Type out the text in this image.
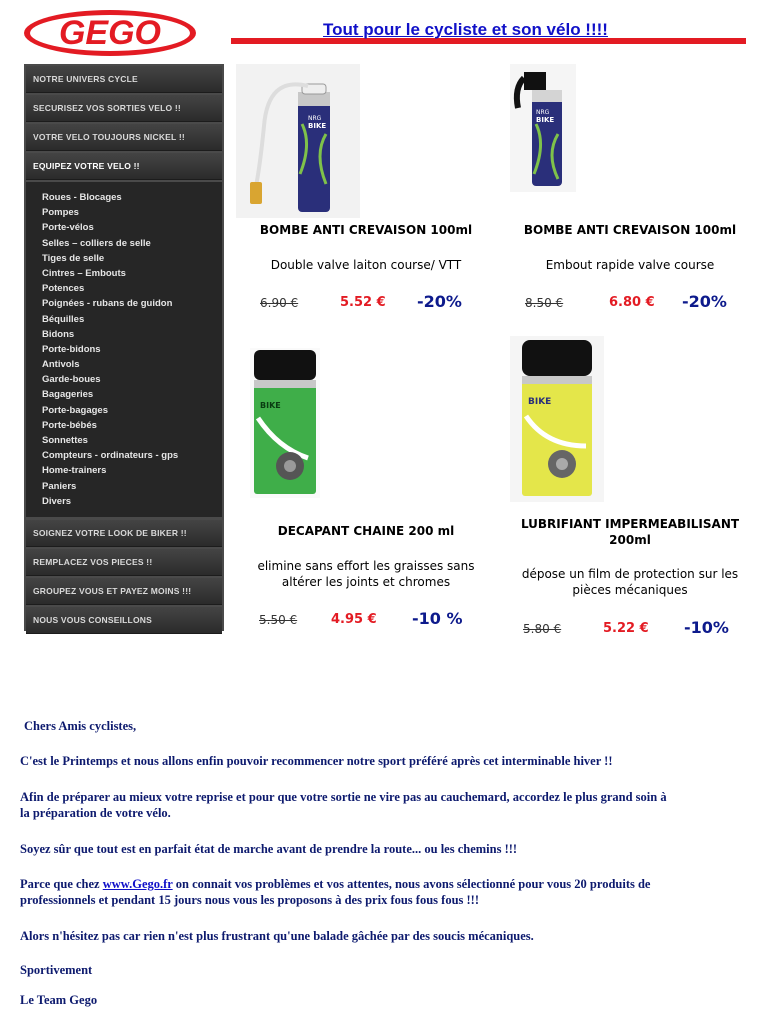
GEGO	Tout pour le cycliste et son vélo !!!!
NOTRE UNIVERS CYCLE
SECURISEZ VOS SORTIES VELO !!
VOTRE VELO TOUJOURS NICKEL !!
EQUIPEZ VOTRE VELO !!
Roues - Blocages
Pompes
Porte-vélos
Selles – colliers de selle
Tiges de selle
Cintres – Embouts
Potences
Poignées - rubans de guidon
Béquilles
Bidons
Porte-bidons
Antivols
Garde-boues
Bagageries
Porte-bagages
Porte-bébés
Sonnettes
Compteurs - ordinateurs - gps
Home-trainers
Paniers
Divers
SOIGNEZ VOTRE LOOK DE BIKER !!
REMPLACEZ VOS PIECES !!
GROUPEZ VOUS ET PAYEZ MOINS !!!
NOUS VOUS CONSEILLONS
NRG
BIKE
BOMBE ANTI CREVAISON 100ml
Double valve laiton course/ VTT
6.90 €	5.52 € -20%
NRG
BIKE
BOMBE ANTI CREVAISON 100ml
Embout rapide valve course
8.50 €	6.80 € -20%
BIKE
DECAPANT CHAINE 200 ml
elimine sans effort les graisses sans
altérer les joints et chromes
5.50 €	4.95 € -10 %
BIKE
LUBRIFIANT IMPERMEABILISANT
200ml
dépose un film de protection sur les
pièces mécaniques
5.80 €	5.22 € -10%
Chers Amis cyclistes,
C'est le Printemps et nous allons enfin pouvoir recommencer notre sport préféré après cet interminable hiver !!
Afin de préparer au mieux votre reprise et pour que votre sortie ne vire pas au cauchemard, accordez le plus grand soin à
la préparation de votre vélo.
Soyez sûr que tout est en parfait état de marche avant de prendre la route... ou les chemins !!!
Parce que chez www.Gego.fr on connait vos problèmes et vos attentes, nous avons sélectionné pour vous 20 produits de
professionnels et pendant 15 jours nous vous les proposons à des prix fous fous fous !!!
Alors n'hésitez pas car rien n'est plus frustrant qu'une balade gâchée par des soucis mécaniques.
Sportivement
Le Team Gego
